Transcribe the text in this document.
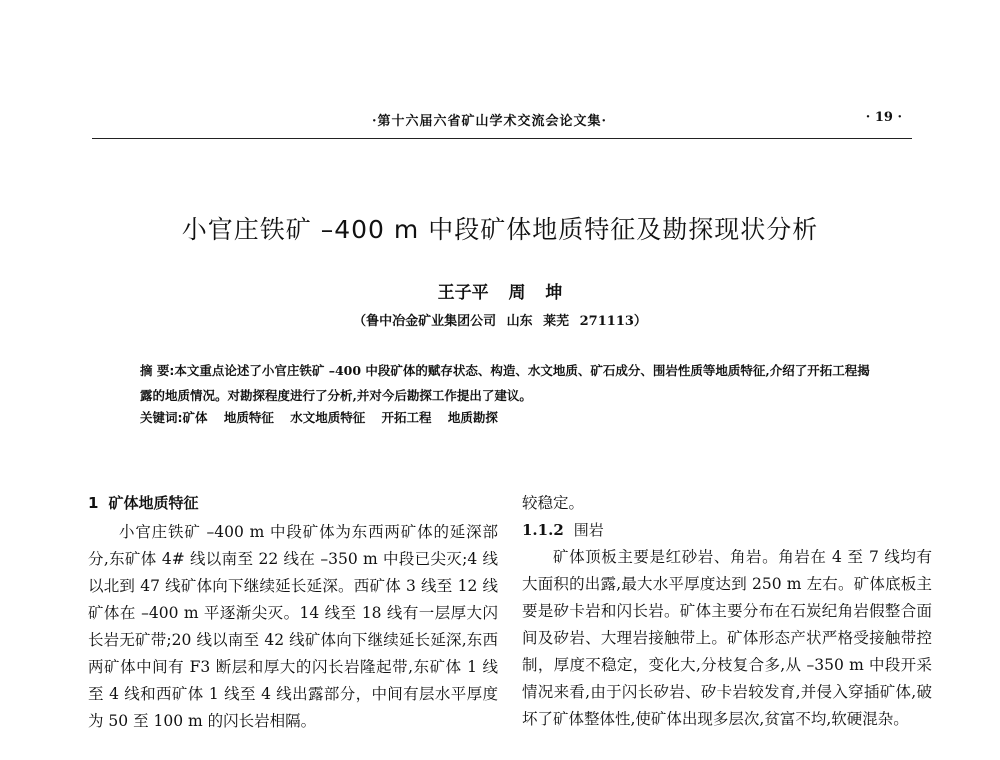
·第十六届六省矿山学术交流会论文集·	· 19 ·
小官庄铁矿 –400 m 中段矿体地质特征及勘探现状分析
王子平 周 坤
（鲁中冶金矿业集团公司 山东 莱芜 271113）
摘 要:本文重点论述了小官庄铁矿 –400 中段矿体的赋存状态、构造、水文地质、矿石成分、围岩性质等地质特征,介绍了开拓工程揭露的地质情况。对勘探程度进行了分析,并对今后勘探工作提出了建议。
关键词:矿体 地质特征 水文地质特征 开拓工程 地质勘探
1 矿体地质特征

小官庄铁矿 –400 m 中段矿体为东西两矿体的延深部分,东矿体 4# 线以南至 22 线在 –350 m 中段已尖灭;4 线以北到 47 线矿体向下继续延长延深。西矿体 3 线至 12 线矿体在 –400 m 平逐渐尖灭。14 线至 18 线有一层厚大闪长岩无矿带;20 线以南至 42 线矿体向下继续延长延深,东西两矿体中间有 F3 断层和厚大的闪长岩隆起带,东矿体 1 线至 4 线和西矿体 1 线至 4 线出露部分，中间有层水平厚度为 50 至 100 m 的闪长岩相隔。

较稳定。

1.1.2 围岩

矿体顶板主要是红砂岩、角岩。角岩在 4 至 7 线均有大面积的出露,最大水平厚度达到 250 m 左右。矿体底板主要是矽卡岩和闪长岩。矿体主要分布在石炭纪角岩假整合面间及矽岩、大理岩接触带上。矿体形态产状严格受接触带控制，厚度不稳定，变化大,分枝复合多,从 –350 m 中段开采情况来看,由于闪长矽岩、矽卡岩较发育,并侵入穿插矿体,破坏了矿体整体性,使矿体出现多层次,贫富不均,软硬混杂。
